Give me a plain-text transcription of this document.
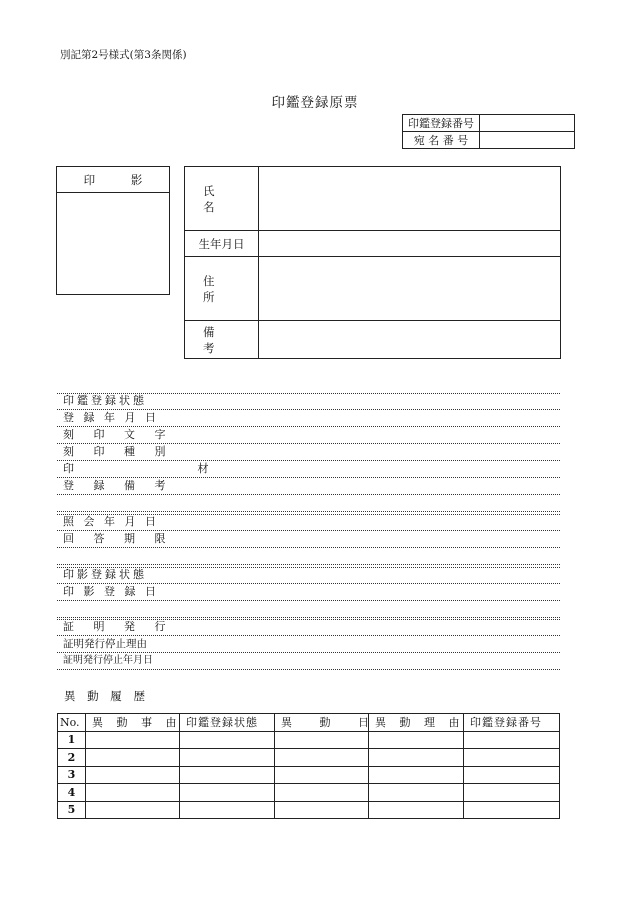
別記第2号様式(第3条関係)
印鑑登録原票
印鑑登録番号	
宛 名 番 号	
印 影
氏 名
生年月日
住 所
備 考
印鑑登録状態
登 録 年 月 日
刻 印 文 字
刻 印 種 別
印 材
登 録 備 考
照 会 年 月 日
回 答 期 限
印影登録状態
印 影 登 録 日
証 明 発 行
証明発行停止理由
証明発行停止年月日
異 動 履 歴
No.	異 動 事 由	印鑑登録状態	異 動 日	異 動 理 由	印鑑登録番号
1					
2					
3					
4					
5					
